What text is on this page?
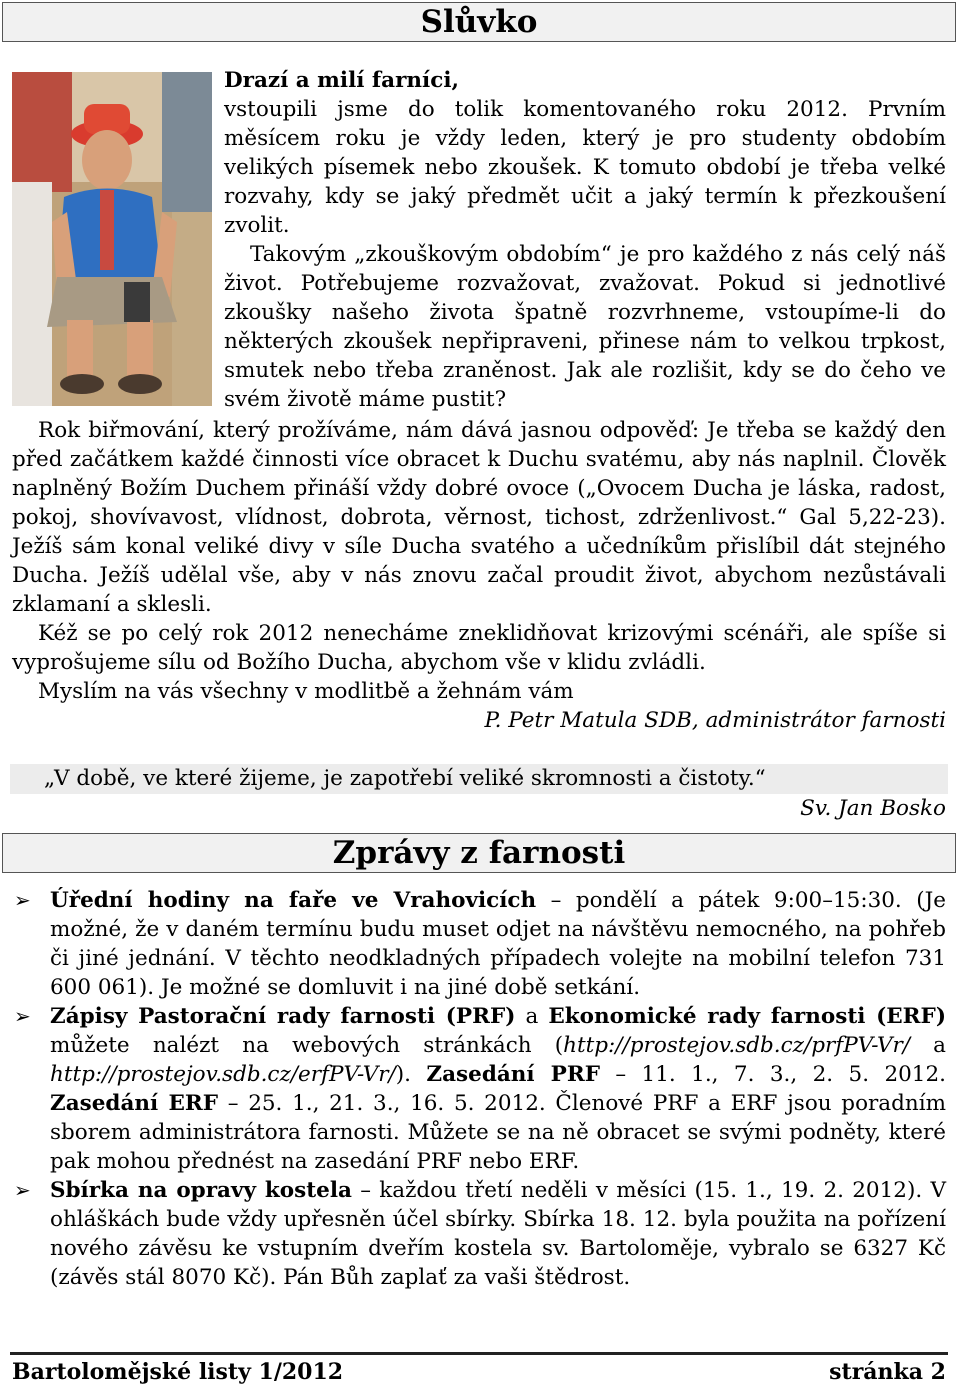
Slůvko

Drazí a milí farníci,

vstoupili jsme do tolik komentovaného roku 2012. Prvním měsícem roku je vždy leden, který je pro studenty obdobím velikých písemek nebo zkoušek. K tomuto období je třeba velké rozvahy, kdy se jaký předmět učit a jaký termín k přezkoušení zvolit.

Takovým „zkouškovým obdobím“ je pro každého z nás celý náš život. Potřebujeme rozvažovat, zvažovat. Pokud si jednotlivé zkoušky našeho života špatně rozvrhneme, vstoupíme-li do některých zkoušek nepřipraveni, přinese nám to velkou trpkost, smutek nebo třeba zraněnost. Jak ale rozlišit, kdy se do čeho ve svém životě máme pustit?

Rok biřmování, který prožíváme, nám dává jasnou odpověď: Je třeba se každý den před začátkem každé činnosti více obracet k Duchu svatému, aby nás naplnil. Člověk naplněný Božím Duchem přináší vždy dobré ovoce („Ovocem Ducha je láska, radost, pokoj, shovívavost, vlídnost, dobrota, věrnost, tichost, zdrženlivost.“ Gal 5,22-23). Ježíš sám konal veliké divy v síle Ducha svatého a učedníkům přislíbil dát stejného Ducha. Ježíš udělal vše, aby v nás znovu začal proudit život, abychom nezůstávali zklamaní a sklesli.

Kéž se po celý rok 2012 nenecháme zneklidňovat krizovými scénáři, ale spíše si vyprošujeme sílu od Božího Ducha, abychom vše v klidu zvládli.

Myslím na vás všechny v modlitbě a žehnám vám

P. Petr Matula SDB, administrátor farnosti

„V době, ve které žijeme, je zapotřebí veliké skromnosti a čistoty.“
Sv. Jan Bosko
Zprávy z farnosti

➢ Úřední hodiny na faře ve Vrahovicích – pondělí a pátek 9:00–15:30. (Je možné, že v daném termínu budu muset odjet na návštěvu nemocného, na pohřeb či jiné jednání. V těchto neodkladných případech volejte na mobilní telefon 731 600 061). Je možné se domluvit i na jiné době setkání.

➢ Zápisy Pastorační rady farnosti (PRF) a Ekonomické rady farnosti (ERF) můžete nalézt na webových stránkách (http://prostejov.sdb.cz/prfPV-Vr/ a http://prostejov.sdb.cz/erfPV-Vr/). Zasedání PRF – 11. 1., 7. 3., 2. 5. 2012. Zasedání ERF – 25. 1., 21. 3., 16. 5. 2012. Členové PRF a ERF jsou poradním sborem administrátora farnosti. Můžete se na ně obracet se svými podněty, které pak mohou přednést na zasedání PRF nebo ERF.

➢ Sbírka na opravy kostela – každou třetí neděli v měsíci (15. 1., 19. 2. 2012). V ohláškách bude vždy upřesněn účel sbírky. Sbírka 18. 12. byla použita na pořízení nového závěsu ke vstupním dveřím kostela sv. Bartoloměje, vybralo se 6327 Kč (závěs stál 8070 Kč). Pán Bůh zaplať za vaši štědrost.

Bartolomějské listy 1/2012	stránka 2
